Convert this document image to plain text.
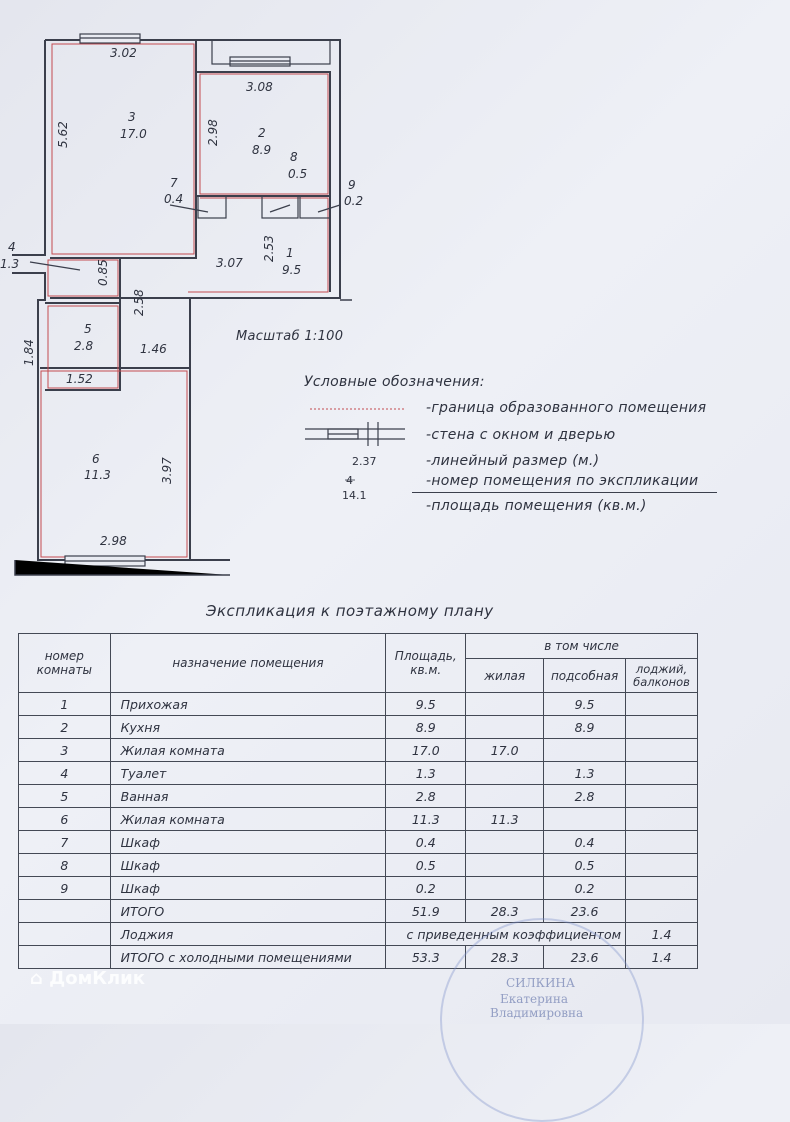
3.02
5.62
3.08
2.98
3.07
2.53
0.85
2.58
1.84	1.46
1.52
3.97
2.98
3
17.0	2
8.9 8
0.5
7
0.4
9
0.2
1
9.5
4
1.3
5
2.8
6
11.3
Масштаб 1:100
Условные обозначения:
2.37
4
14.1
-граница образованного помещения
-стена с окном и дверью
-линейный размер (м.)
-номер помещения по экспликации
-площадь помещения (кв.м.)
Экспликация к поэтажному плану
номер комнаты	назначение помещения	Площадь, кв.м.	в том числе		
			жилая	подсобная	лоджий, балконов
1	Прихожая	9.5		9.5	
2	Кухня	8.9		8.9	
3	Жилая комната	17.0	17.0		
4	Туалет	1.3		1.3	
5	Ванная	2.8		2.8	
6	Жилая комната	11.3	11.3		
7	Шкаф	0.4		0.4	
8	Шкаф	0.5		0.5	
9	Шкаф	0.2		0.2	
	ИТОГО	51.9	28.3	23.6	
	Лоджия	с приведенным коэффициентом			1.4
	ИТОГО с холодными помещениями	53.3	28.3	23.6	1.4
СИЛКИНА
Екатерина
Владимировна
⌂ ДомКлик
